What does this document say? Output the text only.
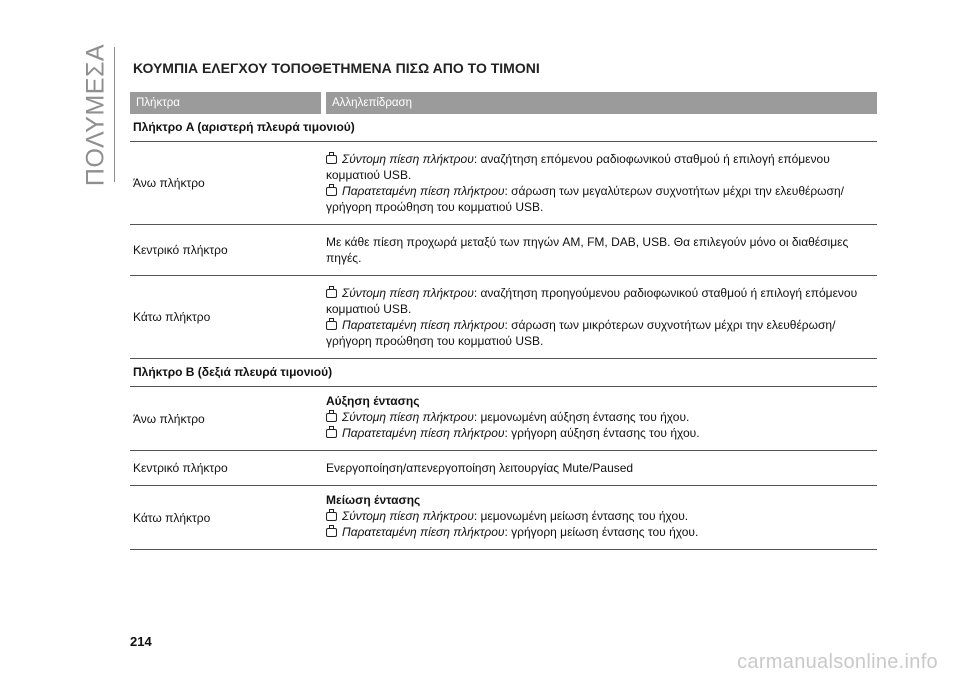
ΠΟΛΥΜΕΣΑ ΚΟΥΜΠΙΑ ΕΛΕΓΧΟΥ ΤΟΠΟΘΕΤΗΜΕΝΑ ΠΙΣΩ ΑΠΟ ΤΟ ΤΙΜΟΝΙ
Πλήκτρα	Αλληλεπίδραση
Πλήκτρο A (αριστερή πλευρά τιμονιού)
Άνω πλήκτρο
Σύντομη πίεση πλήκτρου: αναζήτηση επόμενου ραδιοφωνικού σταθμού ή επιλογή επόμενου κομματιού USB.
Παρατεταμένη πίεση πλήκτρου: σάρωση των μεγαλύτερων συχνοτήτων μέχρι την ελευθέρωση/γρήγορη προώθηση του κομματιού USB.
Κεντρικό πλήκτρο
Με κάθε πίεση προχωρά μεταξύ των πηγών AM, FM, DAB, USB. Θα επιλεγούν μόνο οι διαθέσιμες πηγές.
Κάτω πλήκτρο
Σύντομη πίεση πλήκτρου: αναζήτηση προηγούμενου ραδιοφωνικού σταθμού ή επιλογή επόμενου κομματιού USB.
Παρατεταμένη πίεση πλήκτρου: σάρωση των μικρότερων συχνοτήτων μέχρι την ελευθέρωση/γρήγορη προώθηση του κομματιού USB.
Πλήκτρο B (δεξιά πλευρά τιμονιού)
Άνω πλήκτρο
Αύξηση έντασης
Σύντομη πίεση πλήκτρου: μεμονωμένη αύξηση έντασης του ήχου.
Παρατεταμένη πίεση πλήκτρου: γρήγορη αύξηση έντασης του ήχου.
Κεντρικό πλήκτρο	Ενεργοποίηση/απενεργοποίηση λειτουργίας Mute/Paused
Κάτω πλήκτρο
Μείωση έντασης
Σύντομη πίεση πλήκτρου: μεμονωμένη μείωση έντασης του ήχου.
Παρατεταμένη πίεση πλήκτρου: γρήγορη μείωση έντασης του ήχου.
214
carmanualsonline.info
